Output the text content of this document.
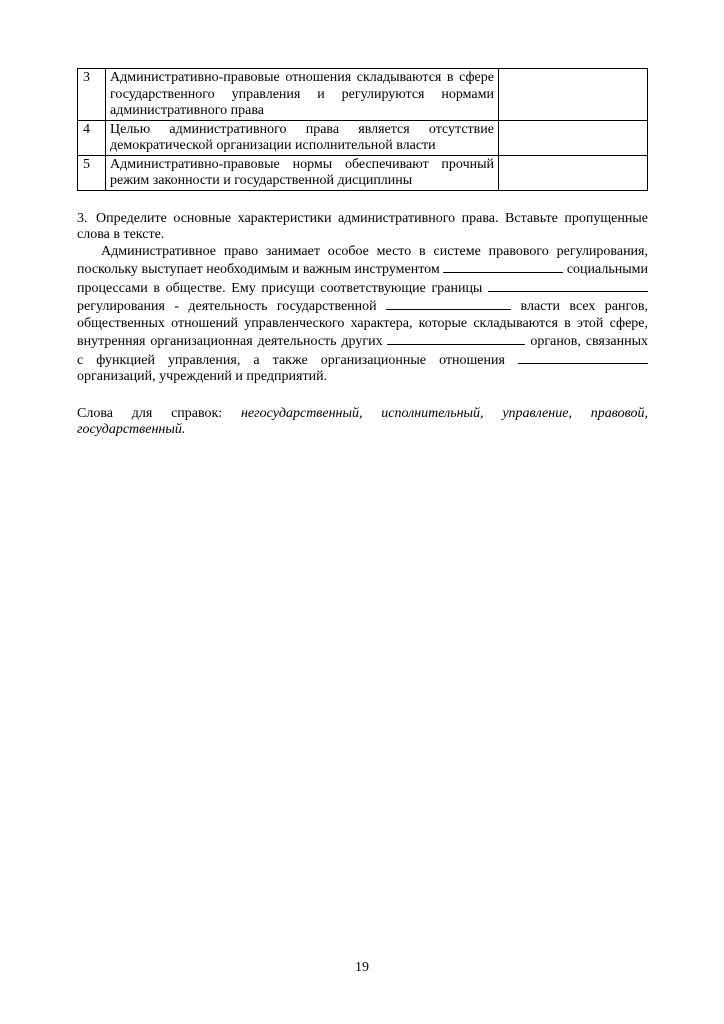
3	Административно-правовые отношения складываются в сфере государственного управления и регулируются нормами административного права	
4	Целью административного права является отсутствие демократической организации исполнительной власти	
5	Административно-правовые нормы обеспечивают прочный режим законности и государственной дисциплины	
3. Определите основные характеристики административного права. Вставьте пропущенные слова в тексте.
Административное право занимает особое место в системе правового регулирования, поскольку выступает необходимым и важным инструментом	социальными процессами в обществе. Ему присущи соответствующие границы  регулирования - деятельность государственной	власти всех рангов, общественных отношений управленческого характера, которые складываются в этой сфере, внутренняя организационная деятельность других	органов, связанных с функцией управления, а также организационные отношения  организаций, учреждений и предприятий.
Слова для справок: негосударственный, исполнительный, управление, правовой, государственный.
19
